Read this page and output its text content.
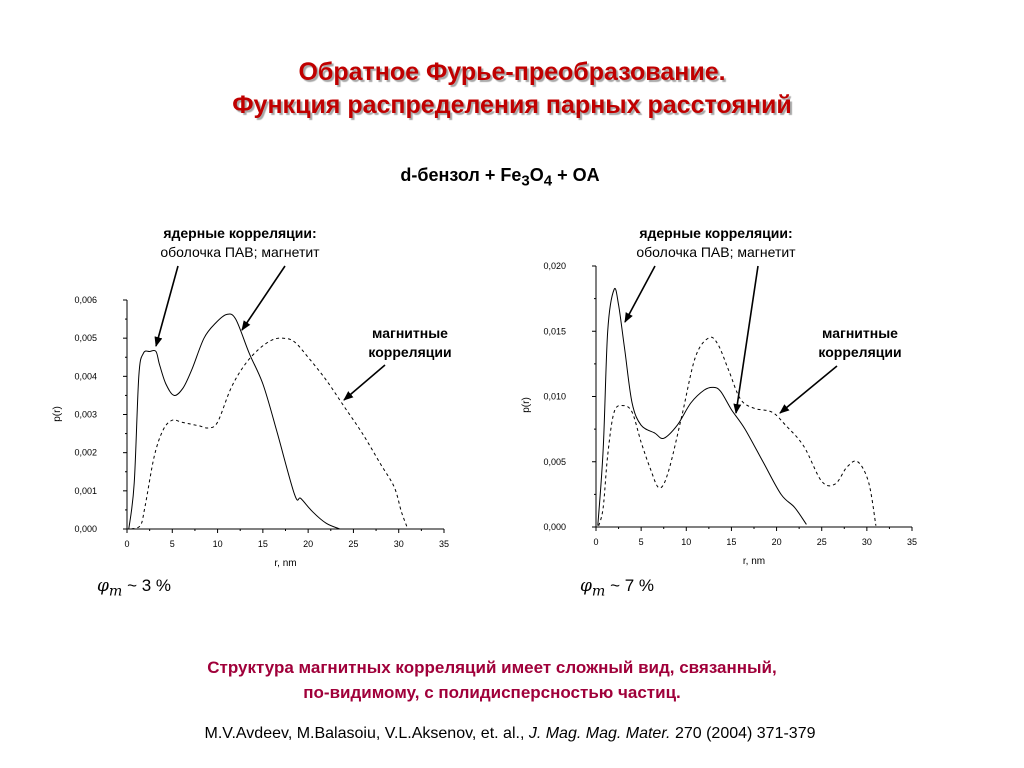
Обратное Фурье-преобразование.
Функция распределения парных расстояний
d-бензол + $Fe_3O_4$ + OA
ядерные корреляции:
оболочка ПАВ; магнетит
магнитные
корреляции
ядерные корреляции:
оболочка ПАВ; магнетит
магнитные
корреляции
$\varphi_m$ ~ 3 %	$\varphi_m$ ~ 7 %
Структура магнитных корреляций имеет сложный вид, связанный,
по-видимому, с полидисперсностью частиц.
M.V.Avdeev, M.Balasoiu, V.L.Aksenov, et. al., J. Mag. Mag. Mater. 270 (2004) 371-379
0,000
0,001
0,002
0,003
0,004
0,005
0,006
0	5	10	15	20	25	30	35
r, nm
p(r)
0,000
0,005
0,010
0,015
0,020
0	5	10	15	20	25	30	35
r, nm
p(r)
